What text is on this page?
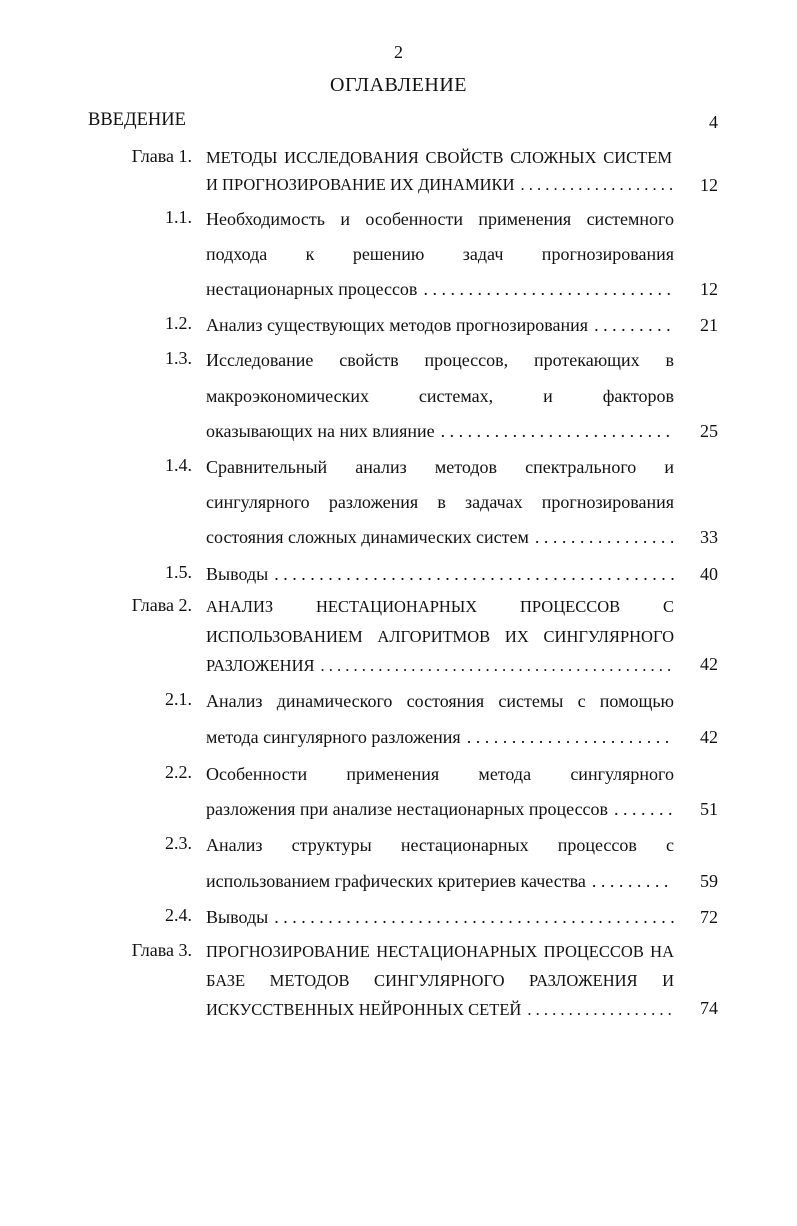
2
ОГЛАВЛЕНИЕ
ВВЕДЕНИЕ	4
Глава 1. МЕТОДЫ ИССЛЕДОВАНИЯ СВОЙСТВ СЛОЖНЫХ СИСТЕМ
И ПРОГНОЗИРОВАНИЕ ИХ ДИНАМИКИ . . .	12
1.1. Необходимость и особенности применения системного
подхода к решению задач прогнозирования
нестационарных процессов . . .	12
1.2. Анализ существующих методов прогнозирования . . .	21
1.3. Исследование свойств процессов, протекающих в
макроэкономических системах, и факторов
оказывающих на них влияние . . .	25
1.4. Сравнительный анализ методов спектрального и
сингулярного разложения в задачах прогнозирования
состояния сложных динамических систем . . .	33
1.5. Выводы . . .	40
Глава 2. АНАЛИЗ НЕСТАЦИОНАРНЫХ ПРОЦЕССОВ С
ИСПОЛЬЗОВАНИЕМ АЛГОРИТМОВ ИХ СИНГУЛЯРНОГО
РАЗЛОЖЕНИЯ . . .	42
2.1. Анализ динамического состояния системы с помощью
метода сингулярного разложения . . .	42
2.2. Особенности применения метода сингулярного
разложения при анализе нестационарных процессов . . .	51
2.3. Анализ структуры нестационарных процессов с
использованием графических критериев качества . . .	59
2.4. Выводы . . .	72
Глава 3. ПРОГНОЗИРОВАНИЕ НЕСТАЦИОНАРНЫХ ПРОЦЕССОВ НА
БАЗЕ МЕТОДОВ СИНГУЛЯРНОГО РАЗЛОЖЕНИЯ И
ИСКУССТВЕННЫХ НЕЙРОННЫХ СЕТЕЙ . . .	74
